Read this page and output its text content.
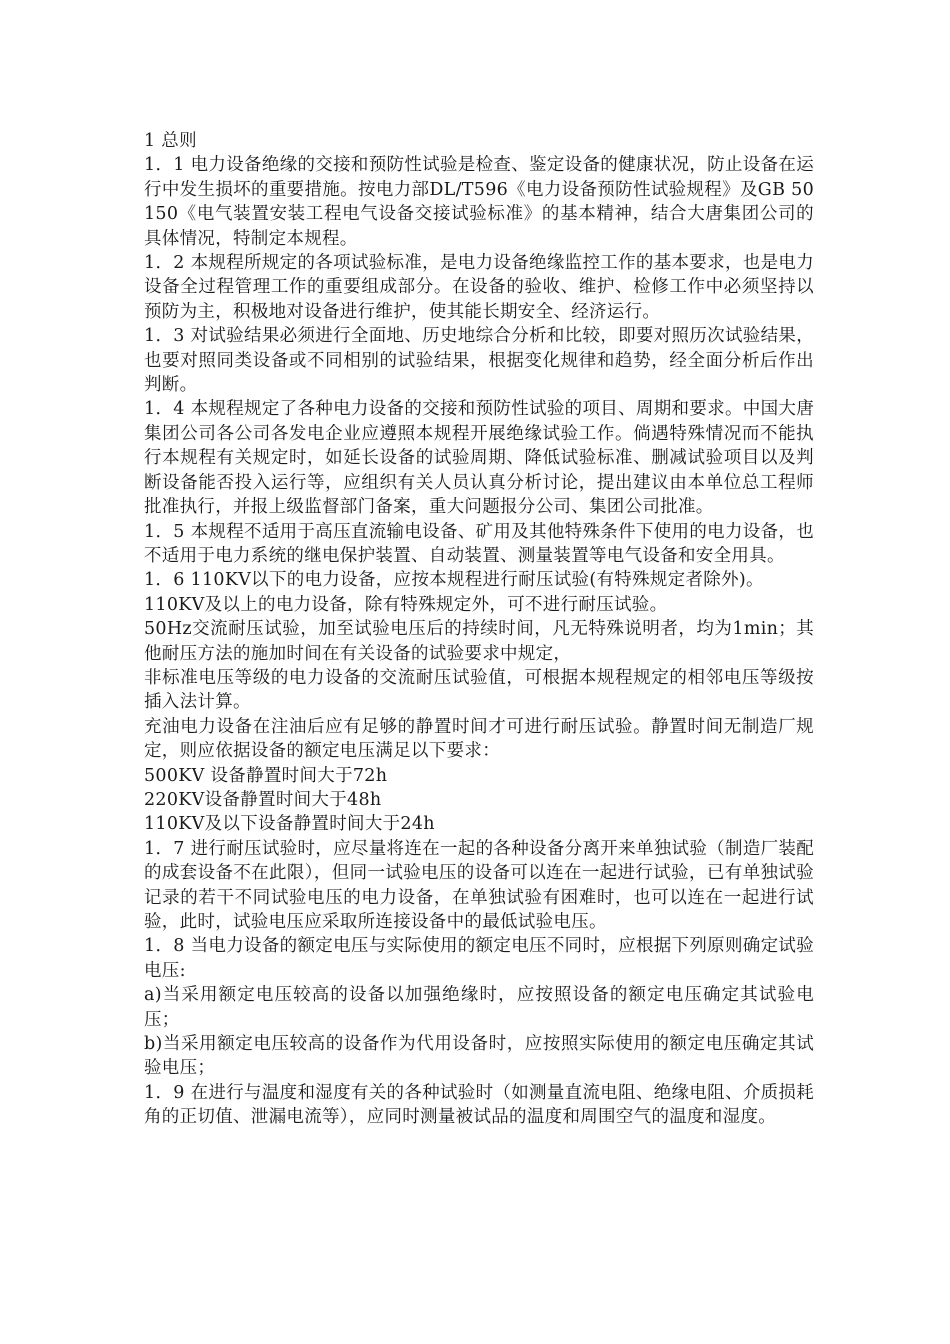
1 总则

1．1 电力设备绝缘的交接和预防性试验是检查、鉴定设备的健康状况，防止设备在运行中发生损坏的重要措施。按电力部DL/T596《电力设备预防性试验规程》及GB 50150《电气装置安装工程电气设备交接试验标准》的基本精神，结合大唐集团公司的具体情况，特制定本规程。

1．2 本规程所规定的各项试验标准，是电力设备绝缘监控工作的基本要求，也是电力设备全过程管理工作的重要组成部分。在设备的验收、维护、检修工作中必须坚持以预防为主，积极地对设备进行维护，使其能长期安全、经济运行。

1．3 对试验结果必须进行全面地、历史地综合分析和比较，即要对照历次试验结果，也要对照同类设备或不同相别的试验结果，根据变化规律和趋势，经全面分析后作出判断。

1．4 本规程规定了各种电力设备的交接和预防性试验的项目、周期和要求。中国大唐集团公司各公司各发电企业应遵照本规程开展绝缘试验工作。倘遇特殊情况而不能执行本规程有关规定时，如延长设备的试验周期、降低试验标准、删减试验项目以及判断设备能否投入运行等，应组织有关人员认真分析讨论，提出建议由本单位总工程师批准执行，并报上级监督部门备案，重大问题报分公司、集团公司批准。

1．5 本规程不适用于高压直流输电设备、矿用及其他特殊条件下使用的电力设备，也不适用于电力系统的继电保护装置、自动装置、测量装置等电气设备和安全用具。

1．6 110KV以下的电力设备，应按本规程进行耐压试验(有特殊规定者除外)。

110KV及以上的电力设备，除有特殊规定外，可不进行耐压试验。

50Hz交流耐压试验，加至试验电压后的持续时间，凡无特殊说明者，均为1min；其他耐压方法的施加时间在有关设备的试验要求中规定，

非标准电压等级的电力设备的交流耐压试验值，可根据本规程规定的相邻电压等级按插入法计算。

充油电力设备在注油后应有足够的静置时间才可进行耐压试验。静置时间无制造厂规定，则应依据设备的额定电压满足以下要求：

500KV 设备静置时间大于72h

220KV设备静置时间大于48h

110KV及以下设备静置时间大于24h

1．7 进行耐压试验时，应尽量将连在一起的各种设备分离开来单独试验（制造厂装配的成套设备不在此限），但同一试验电压的设备可以连在一起进行试验，已有单独试验记录的若干不同试验电压的电力设备，在单独试验有困难时，也可以连在一起进行试验，此时，试验电压应采取所连接设备中的最低试验电压。

1．8 当电力设备的额定电压与实际使用的额定电压不同时，应根据下列原则确定试验电压:

a)当采用额定电压较高的设备以加强绝缘时，应按照设备的额定电压确定其试验电压；

b)当采用额定电压较高的设备作为代用设备时，应按照实际使用的额定电压确定其试验电压；

1．9 在进行与温度和湿度有关的各种试验时（如测量直流电阻、绝缘电阻、介质损耗角的正切值、泄漏电流等），应同时测量被试品的温度和周围空气的温度和湿度。
